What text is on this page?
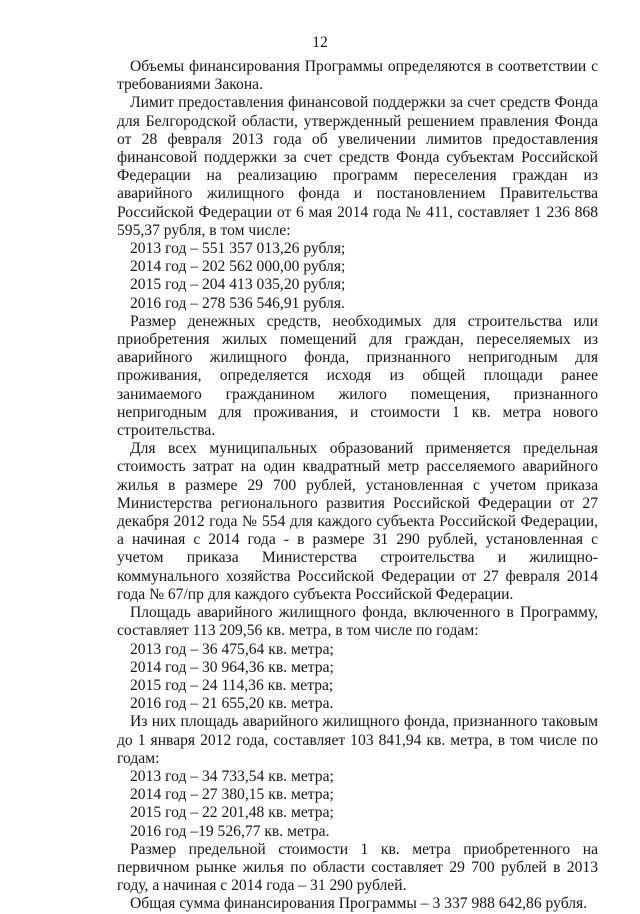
12

Объемы финансирования Программы определяются в соответствии с требованиями Закона.

Лимит предоставления финансовой поддержки за счет средств Фонда для Белгородской области, утвержденный решением правления Фонда от 28 февраля 2013 года об увеличении лимитов предоставления финансовой поддержки за счет средств Фонда субъектам Российской Федерации на реализацию программ переселения граждан из аварийного жилищного фонда и постановлением Правительства Российской Федерации от 6 мая 2014 года № 411, составляет 1 236 868 595,37 рубля, в том числе:

2013 год – 551 357 013,26 рубля;

2014 год – 202 562 000,00 рубля;

2015 год – 204 413 035,20 рубля;

2016 год – 278 536 546,91 рубля.

Размер денежных средств, необходимых для строительства или приобретения жилых помещений для граждан, переселяемых из аварийного жилищного фонда, признанного непригодным для проживания, определяется исходя из общей площади ранее занимаемого гражданином жилого помещения, признанного непригодным для проживания, и стоимости 1 кв. метра нового строительства.

Для всех муниципальных образований применяется предельная стоимость затрат на один квадратный метр расселяемого аварийного жилья в размере 29 700 рублей, установленная с учетом приказа Министерства регионального развития Российской Федерации от 27 декабря 2012 года № 554 для каждого субъекта Российской Федерации, а начиная с 2014 года - в размере 31 290 рублей, установленная с учетом приказа Министерства строительства и жилищно-коммунального хозяйства Российской Федерации от 27 февраля 2014 года № 67/пр для каждого субъекта Российской Федерации.

Площадь аварийного жилищного фонда, включенного в Программу, составляет 113 209,56 кв. метра, в том числе по годам:

2013 год – 36 475,64 кв. метра;

2014 год – 30 964,36 кв. метра;

2015 год – 24 114,36 кв. метра;

2016 год – 21 655,20 кв. метра.

Из них площадь аварийного жилищного фонда, признанного таковым до 1 января 2012 года, составляет 103 841,94 кв. метра, в том числе по годам:

2013 год – 34 733,54 кв. метра;

2014 год – 27 380,15 кв. метра;

2015 год – 22 201,48 кв. метра;

2016 год –19 526,77 кв. метра.

Размер предельной стоимости 1 кв. метра приобретенного на первичном рынке жилья по области составляет 29 700 рублей в 2013 году, а начиная с 2014 года – 31 290 рублей.

Общая сумма финансирования Программы – 3 337 988 642,86 рубля.
